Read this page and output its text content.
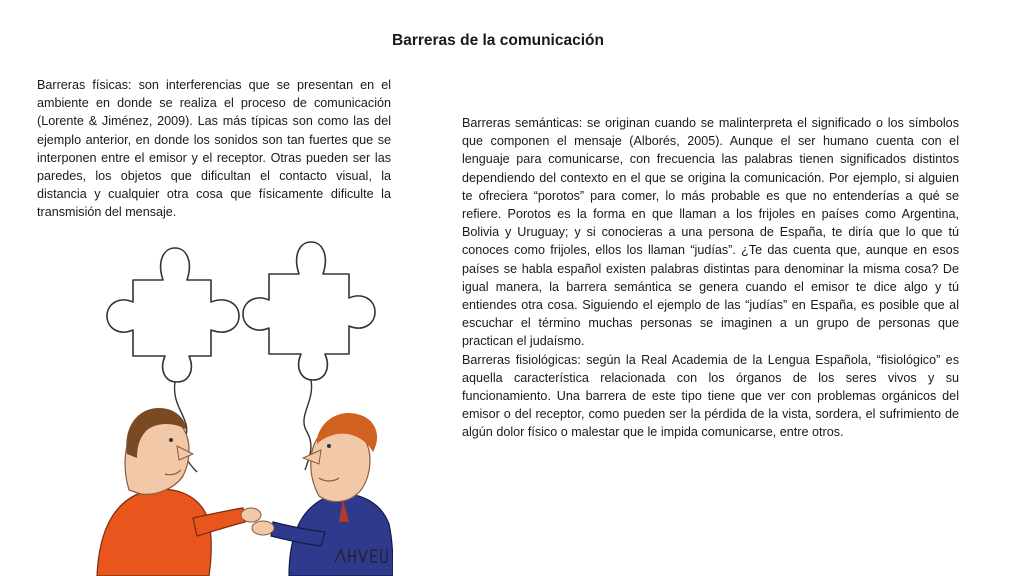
Barreras de la comunicación

Barreras físicas: son interferencias que se presentan en el ambiente en donde se realiza el proceso de comunicación (Lorente & Jiménez, 2009). Las más típicas son como las del ejemplo anterior, en donde los sonidos son tan fuertes que se interponen entre el emisor y el receptor. Otras pueden ser las paredes, los objetos que dificultan el contacto visual, la distancia y cualquier otra cosa que físicamente dificulte la transmisión del mensaje.

Barreras semánticas: se originan cuando se malinterpreta el significado o los símbolos que componen el mensaje (Alborés, 2005). Aunque el ser humano cuenta con el lenguaje para comunicarse, con frecuencia las palabras tienen significados distintos dependiendo del contexto en el que se origina la comunicación. Por ejemplo, si alguien te ofreciera “porotos” para comer, lo más probable es que no entenderías a qué se refiere. Porotos es la forma en que llaman a los frijoles en países como Argentina, Bolivia y Uruguay; y si conocieras a una persona de España, te diría que lo que tú conoces como frijoles, ellos los llaman “judías”. ¿Te das cuenta que, aunque en esos países se habla español existen palabras distintas para denominar la misma cosa? De igual manera, la barrera semántica se genera cuando el emisor te dice algo y tú entiendes otra cosa. Siguiendo el ejemplo de las “judías” en España, es posible que al escuchar el término muchas personas se imaginen a un grupo de personas que practican el judaísmo.

Barreras fisiológicas: según la Real Academia de la Lengua Española, “fisiológico” es aquella característica relacionada con los órganos de los seres vivos y su funcionamiento. Una barrera de este tipo tiene que ver con problemas orgánicos del emisor o del receptor, como pueden ser la pérdida de la vista, sordera, el sufrimiento de algún dolor físico o malestar que le impida comunicarse, entre otros.
